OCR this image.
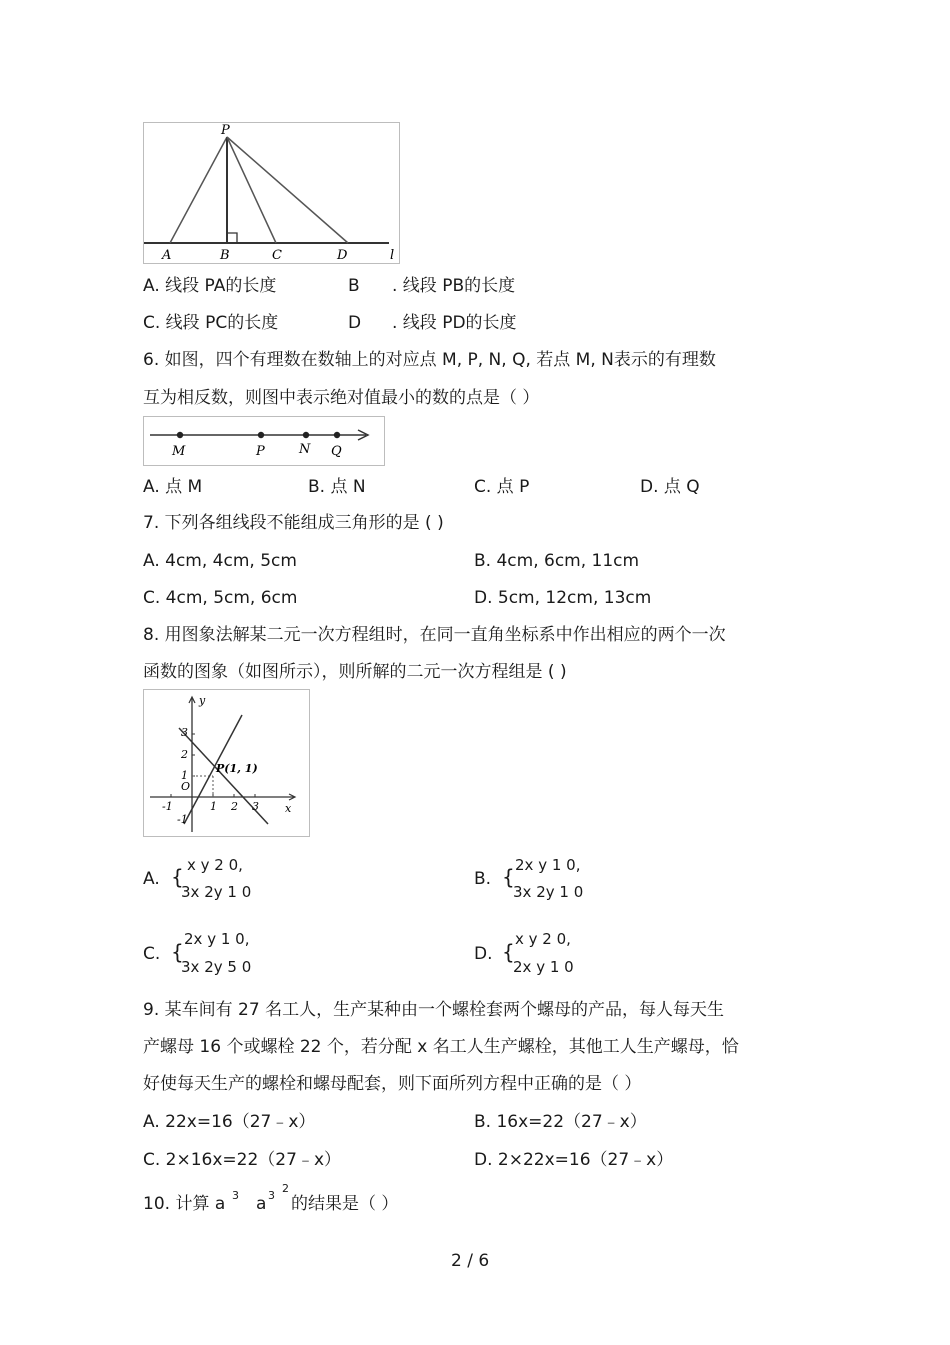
P
A	B	C	D	l
A. 线段 PA的长度	B . 线段 PB的长度
C. 线段 PC的长度	D . 线段 PD的长度
6. 如图，四个有理数在数轴上的对应点 M, P, N, Q, 若点 M, N表示的有理数
互为相反数，则图中表示绝对值最小的数的点是（ ）
M	P	N Q
A. 点 M	B. 点 N	C. 点 P	D. 点 Q
7. 下列各组线段不能组成三角形的是 ( )
A. 4cm, 4cm, 5cm	B. 4cm, 6cm, 11cm
C. 4cm, 5cm, 6cm	D. 5cm, 12cm, 13cm
8. 用图象法解某二元一次方程组时，在同一直角坐标系中作出相应的两个一次
函数的图象（如图所示），则所解的二元一次方程组是 ( )
y
x
O
P(1, 1)
3
2
1
-1
-1	1 2 3
A. { x y 2 0,
3x 2y 1 0
B. { 2x y 1 0,
3x 2y 1 0
C. {
2x y 1 0,
3x 2y 5 0
D. {
x y 2 0,
2x y 1 0
9. 某车间有 27 名工人，生产某种由一个螺栓套两个螺母的产品，每人每天生
产螺母 16 个或螺栓 22 个，若分配 x 名工人生产螺栓，其他工人生产螺母，恰
好使每天生产的螺栓和螺母配套，则下面所列方程中正确的是（ ）
A. 22x=16（27﹣x）	B. 16x=22（27﹣x）
C. 2×16x=22（27﹣x）	D. 2×22x=16（27﹣x）
10. 计算 a 3 a 3
2
的结果是（ ）
2 / 6
